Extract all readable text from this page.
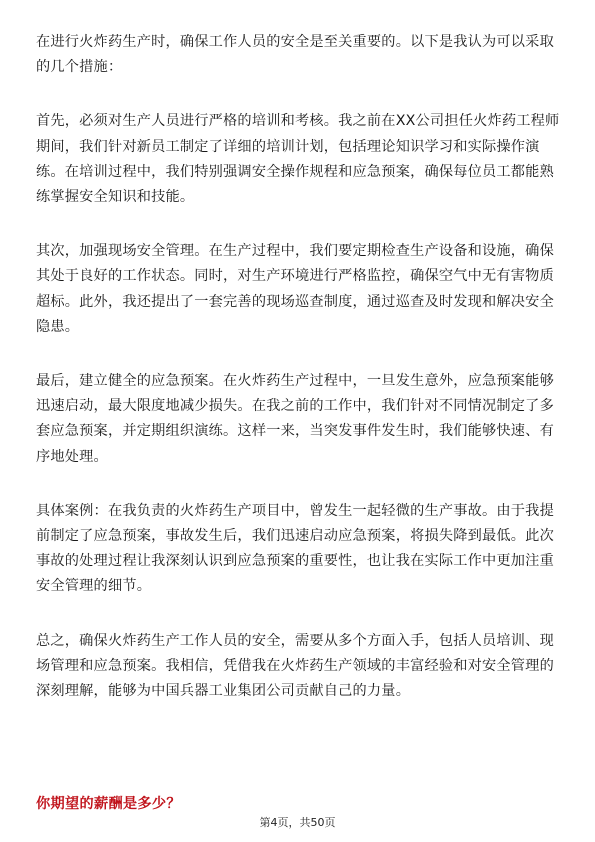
在进行火炸药生产时，确保工作人员的安全是至关重要的。以下是我认为可以采取的几个措施：

首先，必须对生产人员进行严格的培训和考核。我之前在XX公司担任火炸药工程师期间，我们针对新员工制定了详细的培训计划，包括理论知识学习和实际操作演练。在培训过程中，我们特别强调安全操作规程和应急预案，确保每位员工都能熟练掌握安全知识和技能。

其次，加强现场安全管理。在生产过程中，我们要定期检查生产设备和设施，确保其处于良好的工作状态。同时，对生产环境进行严格监控，确保空气中无有害物质超标。此外，我还提出了一套完善的现场巡查制度，通过巡查及时发现和解决安全隐患。

最后，建立健全的应急预案。在火炸药生产过程中，一旦发生意外，应急预案能够迅速启动，最大限度地减少损失。在我之前的工作中，我们针对不同情况制定了多套应急预案，并定期组织演练。这样一来，当突发事件发生时，我们能够快速、有序地处理。

具体案例：在我负责的火炸药生产项目中，曾发生一起轻微的生产事故。由于我提前制定了应急预案，事故发生后，我们迅速启动应急预案，将损失降到最低。此次事故的处理过程让我深刻认识到应急预案的重要性，也让我在实际工作中更加注重安全管理的细节。

总之，确保火炸药生产工作人员的安全，需要从多个方面入手，包括人员培训、现场管理和应急预案。我相信，凭借我在火炸药生产领域的丰富经验和对安全管理的深刻理解，能够为中国兵器工业集团公司贡献自己的力量。

你期望的薪酬是多少？
第4页，共50页
